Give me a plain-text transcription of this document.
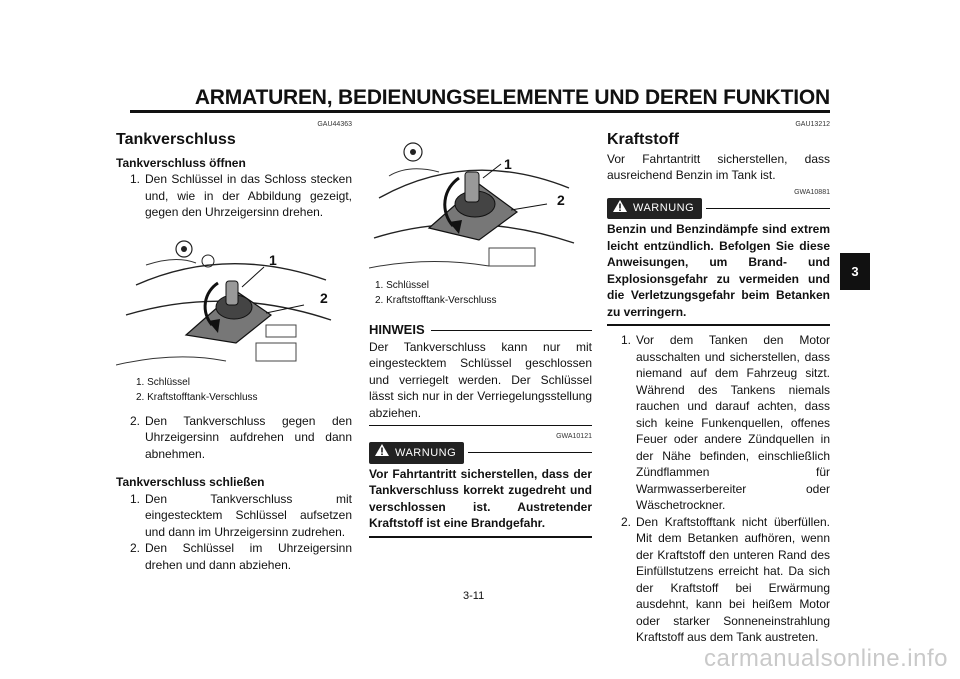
ARMATUREN, BEDIENUNGSELEMENTE UND DEREN FUNKTION
3
GAU44363
Tankverschluss
Tankverschluss öffnen
1. Den Schlüssel in das Schloss stecken und, wie in der Abbildung gezeigt, gegen den Uhrzeigersinn drehen.
1
2
1. Schlüssel
2. Kraftstofftank-Verschluss
2. Den Tankverschluss gegen den Uhrzeigersinn aufdrehen und dann abnehmen.
Tankverschluss schließen
1. Den Tankverschluss mit eingestecktem Schlüssel aufsetzen und dann im Uhrzeigersinn zudrehen.
2. Den Schlüssel im Uhrzeigersinn drehen und dann abziehen.
1
2
1. Schlüssel
2. Kraftstofftank-Verschluss
HINWEIS
Der Tankverschluss kann nur mit eingestecktem Schlüssel geschlossen und verriegelt werden. Der Schlüssel lässt sich nur in der Verriegelungsstellung abziehen.
GWA10121
WARNUNG
Vor Fahrtantritt sicherstellen, dass der Tankverschluss korrekt zugedreht und verschlossen ist. Austretender Kraftstoff ist eine Brandgefahr.
GAU13212
Kraftstoff
Vor Fahrtantritt sicherstellen, dass ausreichend Benzin im Tank ist.
GWA10881
WARNUNG
Benzin und Benzindämpfe sind extrem leicht entzündlich. Befolgen Sie diese Anweisungen, um Brand- und Explosionsgefahr zu vermeiden und die Verletzungsgefahr beim Betanken zu verringern.
1. Vor dem Tanken den Motor ausschalten und sicherstellen, dass niemand auf dem Fahrzeug sitzt. Während des Tankens niemals rauchen und darauf achten, dass sich keine Funkenquellen, offenes Feuer oder andere Zündquellen in der Nähe befinden, einschließlich Zündflammen für Warmwasserbereiter oder Wäschetrockner.
2. Den Kraftstofftank nicht überfüllen. Mit dem Betanken aufhören, wenn der Kraftstoff den unteren Rand des Einfüllstutzens erreicht hat. Da sich der Kraftstoff bei Erwärmung ausdehnt, kann bei heißem Motor oder starker Sonneneinstrahlung Kraftstoff aus dem Tank austreten.
3-11
carmanualsonline.info
